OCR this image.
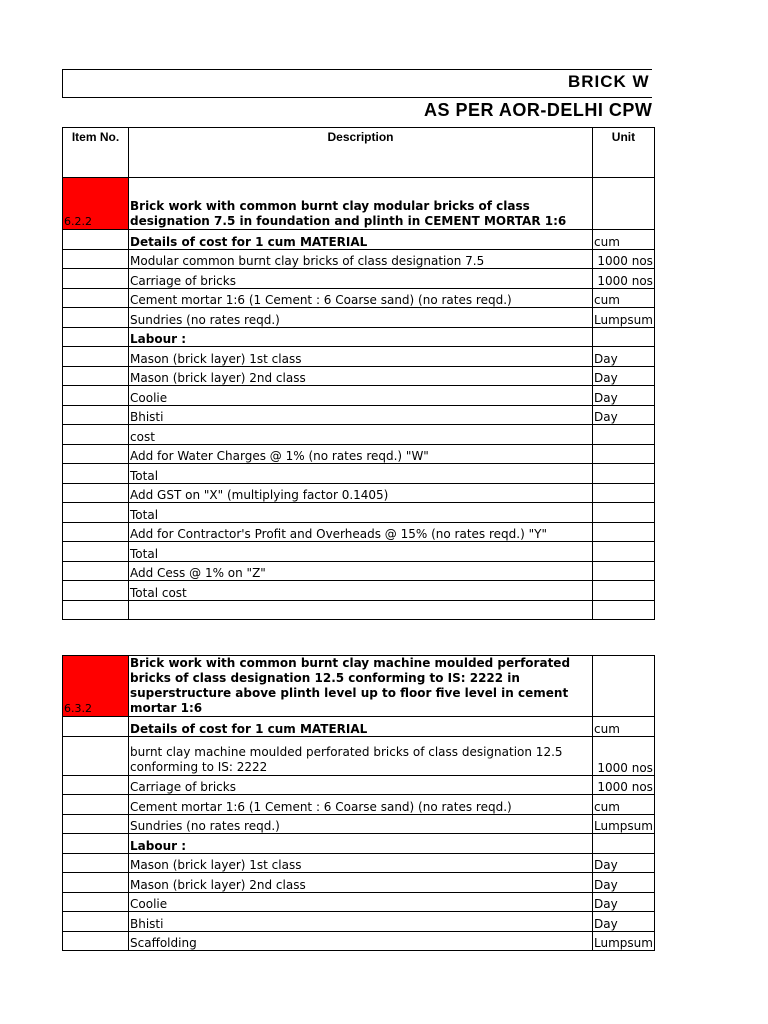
BRICK W
AS PER AOR-DELHI CPW
Item No.	Description	Unit
6.2.2	Brick work with common burnt clay modular bricks of class designation 7.5 in foundation and plinth in CEMENT MORTAR 1:6	
	Details of cost for 1 cum MATERIAL	cum
	Modular common burnt clay bricks of class designation 7.5	1000 nos
	Carriage of bricks	1000 nos
	Cement mortar 1:6 (1 Cement : 6 Coarse sand) (no rates reqd.)	cum
	Sundries (no rates reqd.)	Lumpsum
	Labour :	
	Mason (brick layer) 1st class	Day
	Mason (brick layer) 2nd class	Day
	Coolie	Day
	Bhisti	Day
	cost	
	Add for Water Charges @ 1% (no rates reqd.) "W"	
	Total	
	Add GST on "X" (multiplying factor 0.1405)	
	Total	
	Add for Contractor's Profit and Overheads @ 15% (no rates reqd.) "Y"	
	Total	
	Add Cess @ 1% on "Z"	
	Total cost	

6.3.2	Brick work with common burnt clay machine moulded perforated bricks of class designation 12.5 conforming to IS: 2222 in superstructure above plinth level up to floor five level in cement mortar 1:6	
	Details of cost for 1 cum MATERIAL	cum
	burnt clay machine moulded perforated bricks of class designation 12.5 conforming to IS: 2222	1000 nos
	Carriage of bricks	1000 nos
	Cement mortar 1:6 (1 Cement : 6 Coarse sand) (no rates reqd.)	cum
	Sundries (no rates reqd.)	Lumpsum
	Labour :	
	Mason (brick layer) 1st class	Day
	Mason (brick layer) 2nd class	Day
	Coolie	Day
	Bhisti	Day
	Scaffolding	Lumpsum
